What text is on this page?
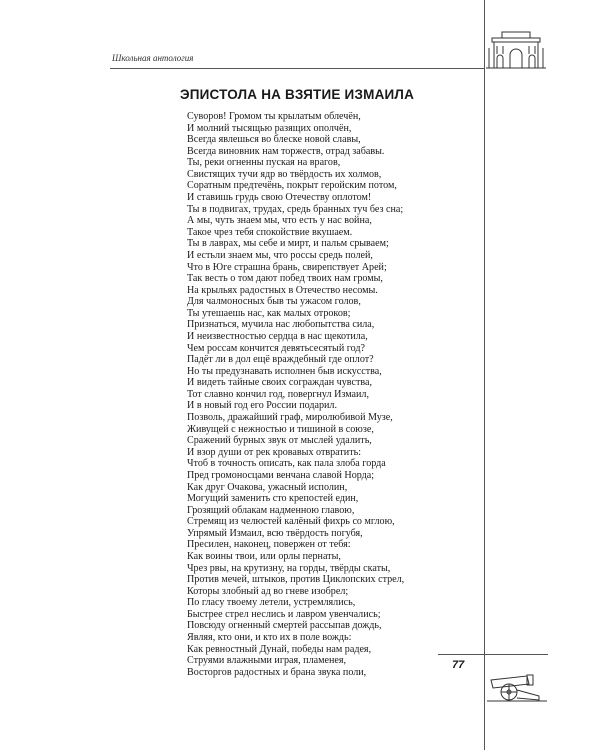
Школьная антология
ЭПИСТОЛА НА ВЗЯТИЕ ИЗМАИЛА
Суворов! Громом ты крылатым облечён,
И молний тысящью разящих ополчён,
Всегда явлешься во блеске новой славы,
Всегда виновник нам торжеств, отрад забавы.
Ты, реки огненны пуская на врагов,
Свистящих тучи ядр во твёрдость их холмов,
Соратным предтечёнь, покрыт геройским потом,
И ставишь грудь свою Отечеству оплотом!
Ты в подвигах, трудах, средь бранных туч без сна;
А мы, чуть знаем мы, что есть у нас война,
Такое чрез тебя спокойствие вкушаем.
Ты в лаврах, мы себе и мирт, и пальм срываем;
И естьли знаем мы, что россы средь полей,
Что в Юге страшна брань, свирепствует Арей;
Так весть о том дают побед твоих нам громы,
На крыльях радостных в Отечество несомы.
Для чалмоносных быв ты ужасом голов,
Ты утешаешь нас, как малых отроков;
Признаться, мучила нас любопытства сила,
И неизвестностью сердца в нас щекотила,
Чем россам кончится девятьсесятый год?
Падёт ли в дол ещё враждебный где оплот?
Но ты предузнавать исполнен быв искусства,
И видеть тайные своих сограждан чувства,
Тот славно кончил год, повергнул Измаил,
И в новый год его России подарил.
Позволь, дражайший граф, миролюбивой Музе,
Живущей с нежностью и тишиной в союзе,
Сражений бурных звук от мыслей удалить,
И взор души от рек кровавых отвратить:
Чтоб в точность описать, как пала злоба горда
Пред громоносцами венчана славой Норда;
Как друг Очакова, ужасный исполин,
Могущий заменить сто крепостей един,
Грозящий облакам надменною главою,
Стремящ из челюстей калёный фихрь со мглою,
Упрямый Измаил, всю твёрдость погубя,
Пресилен, наконец, повержен от тебя:
Как воины твои, или орлы пернаты,
Чрез рвы, на крутизну, на горды, твёрды скаты,
Против мечей, штыков, против Циклопских стрел,
Которы злобный ад во гневе изобрел;
По гласу твоему летели, устремлялись,
Быстрее стрел неслись и лавром увенчались;
Повсюду огненный смертей рассыпав дождь,
Являя, кто они, и кто их в поле вождь:
Как ревностный Дунай, победы нам радея,
Струями влажными играя, пламенея,
Восторгов радостных и брана звука поли,
77
